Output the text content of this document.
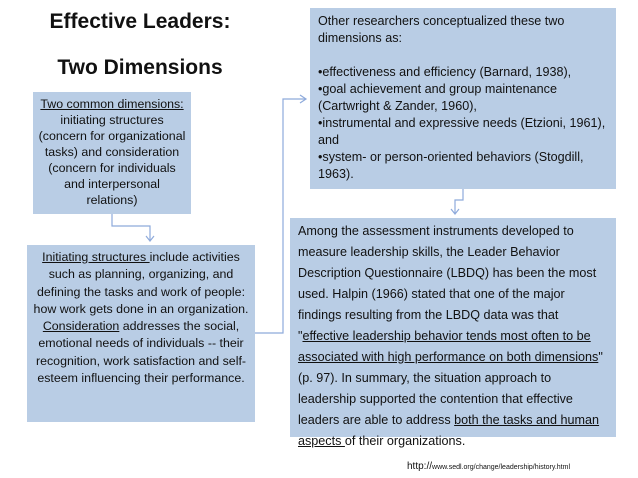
Effective Leaders:
Two Dimensions
Two common dimensions: initiating structures (concern for organizational tasks) and consideration (concern for individuals and interpersonal relations)
Initiating structures include activities such as planning, organizing, and defining the tasks and work of people: how work gets done in an organization. Consideration addresses the social, emotional needs of individuals -- their recognition, work satisfaction and self-esteem influencing their performance.
Other researchers conceptualized these two dimensions as:
•effectiveness and efficiency (Barnard, 1938),
•goal achievement and group maintenance (Cartwright & Zander, 1960),
•instrumental and expressive needs (Etzioni, 1961), and
•system- or person-oriented behaviors (Stogdill, 1963).
Among the assessment instruments developed to measure leadership skills, the Leader Behavior Description Questionnaire (LBDQ) has been the most used. Halpin (1966) stated that one of the major findings resulting from the LBDQ data was that "effective leadership behavior tends most often to be associated with high performance on both dimensions" (p. 97). In summary, the situation approach to leadership supported the contention that effective leaders are able to address both the tasks and human aspects of their organizations.
http://www.sedl.org/change/leadership/history.html
